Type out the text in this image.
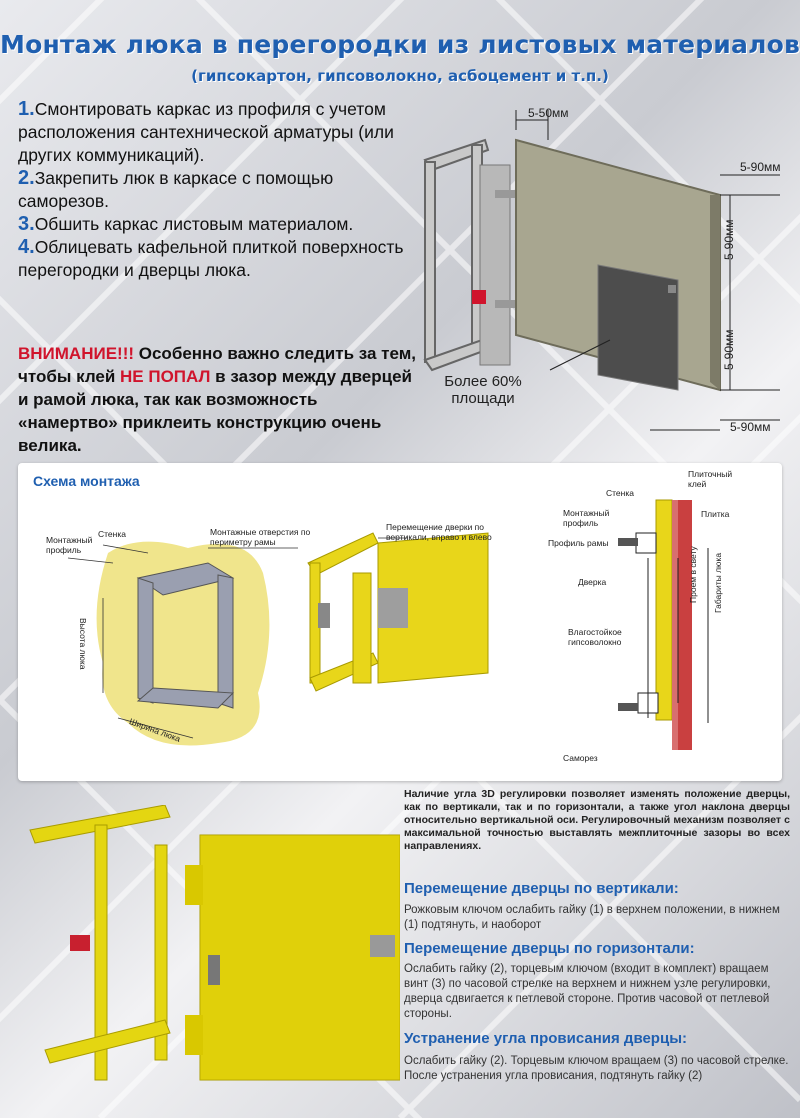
Монтаж люка в перегородки из листовых материалов
(гипсокартон, гипсоволокно, асбоцемент и т.п.)

1.Смонтировать каркас из профиля с учетом расположения сантехнической арматуры (или других коммуникаций).

2.Закрепить люк в каркасе с помощью саморезов.

3.Обшить каркас листовым материалом.

4.Облицевать кафельной плиткой поверхность перегородки и дверцы люка.

ВНИМАНИЕ!!! Особенно важно следить за тем, чтобы клей НЕ ПОПАЛ в зазор между дверцей и рамой люка, так как возможность «намертво» приклеить конструкцию очень велика.
5-50мм
5-90мм
5-90мм
5-90мм
5-90мм
Более 60%
площади
Схема монтажа
Стенка
Монтажный профиль
Монтажные отверстия по периметру рамы
Перемещение дверки по вертикали, вправо и влево
Высота люка
Ширина люка
Стенка
Плиточный клей
Плитка
Монтажный профиль
Профиль рамы
Дверка
Влагостойкое гипсоволокно
Проем в свету Габариты люка
Саморез
Наличие угла 3D регулировки позволяет изменять положение дверцы, как по вертикали, так и по горизонтали, а также угол наклона дверцы относительно вертикальной оси. Регулировочный механизм позволяет с максимальной точностью выставлять межплиточные зазоры во всех направлениях.
Перемещение дверцы по вертикали:
Рожковым ключом ослабить гайку (1) в верхнем положении, в нижнем (1) подтянуть, и наоборот
Перемещение дверцы по горизонтали:
Ослабить гайку (2), торцевым ключом (входит в комплект) вращаем винт (3) по часовой стрелке на верхнем и нижнем узле регулировки, дверца сдвигается к петлевой стороне. Против часовой от петлевой стороны.
Устранение угла провисания дверцы:
Ослабить гайку (2). Торцевым ключом вращаем (3) по часовой стрелке. После устранения угла провисания, подтянуть гайку (2)
